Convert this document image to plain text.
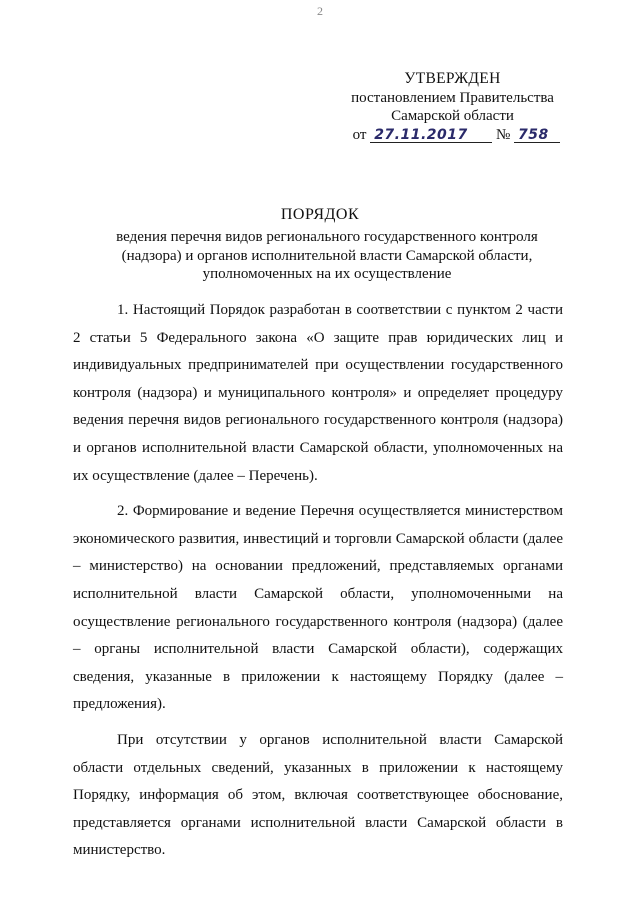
2
УТВЕРЖДЕН
постановлением Правительства
Самарской области
от 27.11.2017 № 758
ПОРЯДОК
ведения перечня видов регионального государственного контроля (надзора) и органов исполнительной власти Самарской области, уполномоченных на их осуществление

1. Настоящий Порядок разработан в соответствии с пунктом 2 части 2 статьи 5 Федерального закона «О защите прав юридических лиц и индивидуальных предпринимателей при осуществлении государственного контроля (надзора) и муниципального контроля» и определяет процедуру ведения перечня видов регионального государственного контроля (надзора) и органов исполнительной власти Самарской области, уполномоченных на их осуществление (далее – Перечень).

2. Формирование и ведение Перечня осуществляется министерством экономического развития, инвестиций и торговли Самарской области (далее – министерство) на основании предложений, представляемых органами исполнительной власти Самарской области, уполномоченными на осуществление регионального государственного контроля (надзора) (далее – органы исполнительной власти Самарской области), содержащих сведения, указанные в приложении к настоящему Порядку (далее – предложения).

При отсутствии у органов исполнительной власти Самарской области отдельных сведений, указанных в приложении к настоящему Порядку, информация об этом, включая соответствующее обоснование, представляется органами исполнительной власти Самарской области в министерство.
